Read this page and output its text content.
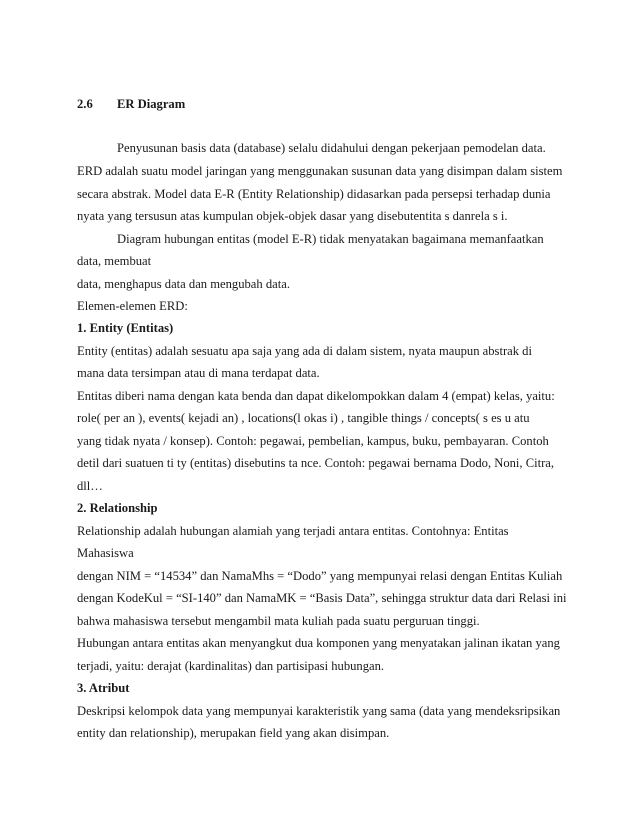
2.6 ER Diagram
Penyusunan basis data (database) selalu didahului dengan pekerjaan pemodelan data.
ERD adalah suatu model jaringan yang menggunakan susunan data yang disimpan dalam sistem
secara abstrak. Model data E-R (Entity Relationship) didasarkan pada persepsi terhadap dunia
nyata yang tersusun atas kumpulan objek-objek dasar yang disebutentita s danrela s i.
Diagram hubungan entitas (model E-R) tidak menyatakan bagaimana memanfaatkan
data, membuat
data, menghapus data dan mengubah data.
Elemen-elemen ERD:
1. Entity (Entitas)
Entity (entitas) adalah sesuatu apa saja yang ada di dalam sistem, nyata maupun abstrak di
mana data tersimpan atau di mana terdapat data.
Entitas diberi nama dengan kata benda dan dapat dikelompokkan dalam 4 (empat) kelas, yaitu:
role( per an ), events( kejadi an) , locations(l okas i) , tangible things / concepts( s es u atu
yang tidak nyata / konsep). Contoh: pegawai, pembelian, kampus, buku, pembayaran. Contoh
detil dari suatuen ti ty (entitas) disebutins ta nce. Contoh: pegawai bernama Dodo, Noni, Citra,
dll…
2. Relationship
Relationship adalah hubungan alamiah yang terjadi antara entitas. Contohnya: Entitas
Mahasiswa
dengan NIM = “14534” dan NamaMhs = “Dodo” yang mempunyai relasi dengan Entitas Kuliah
dengan KodeKul = “SI-140” dan NamaMK = “Basis Data”, sehingga struktur data dari Relasi ini
bahwa mahasiswa tersebut mengambil mata kuliah pada suatu perguruan tinggi.
Hubungan antara entitas akan menyangkut dua komponen yang menyatakan jalinan ikatan yang
terjadi, yaitu: derajat (kardinalitas) dan partisipasi hubungan.
3. Atribut
Deskripsi kelompok data yang mempunyai karakteristik yang sama (data yang mendeksripsikan
entity dan relationship), merupakan field yang akan disimpan.
